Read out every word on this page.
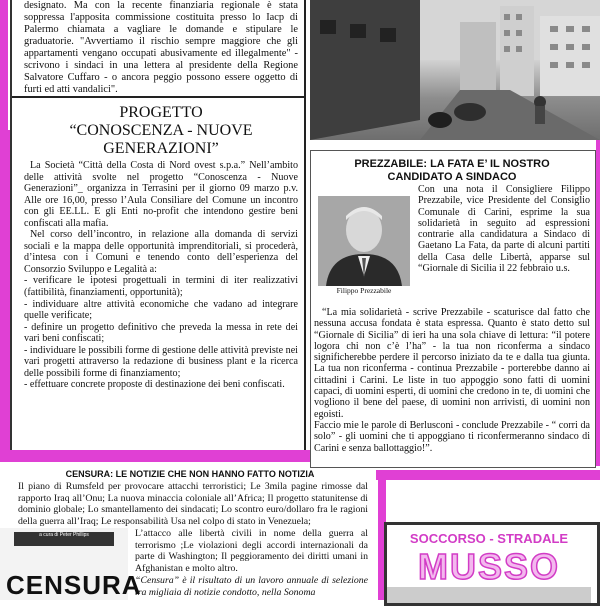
designato. Ma con la recente finanziaria regionale è stata soppressa l'apposita commissione costituita presso lo Iacp di Palermo chiamata a vagliare le domande e stipulare le graduatorie. "Avvertiamo il rischio sempre maggiore che gli appartamenti vengano occupati abusivamente ed illegalmente" - scrivono i sindaci in una lettera al presidente della Regione Salvatore Cuffaro - o ancora peggio possono essere oggetto di furti ed atti vandalici".
PROGETTO
“CONOSCENZA - NUOVE
GENERAZIONI”

La Società “Città della Costa di Nord ovest s.p.a.” Nell’ambito delle attività svolte nel progetto “Conoscenza - Nuove Generazioni”_ organizza in Terrasini per il giorno 09 marzo p.v. Alle ore 16,00, presso l’Aula Consiliare del Comune un incontro con gli EE.LL. E gli Enti no-profit che intendono gestire beni confiscati alla mafia.

Nel corso dell’incontro, in relazione alla domanda di servizi sociali e la mappa delle opportunità imprenditoriali, si procederà, d’intesa con i Comuni e tenendo conto dell’esperienza del Consorzio Sviluppo e Legalità a:

- verificare le ipotesi progettuali in termini di iter realizzativi (fattibilità, finanziamenti, opportunità);

- individuare altre attività economiche che vadano ad integrare quelle verificate;

- definire un progetto definitivo che preveda la messa in rete dei vari beni confiscati;

- individuare le possibili forme di gestione delle attività previste nei vari progetti attraverso la redazione di business plant e la ricerca delle possibili forme di finanziamento;

- effettuare concrete proposte di destinazione dei beni confiscati.

PREZZABILE: LA FATA E’ IL NOSTRO
CANDIDATO A SINDACO
Filippo Prezzabile
Con una nota il Consigliere Filippo Prezzabile, vice Presidente del Consiglio Comunale di Carini, esprime la sua solidarietà in seguito ad espressioni contrarie alla candidatura a Sindaco di Gaetano La Fata, da parte di alcuni partiti della Casa delle Libertà, apparse sul “Giornale di Sicilia il 22 febbraio u.s.

“La mia solidarietà - scrive Prezzabile - scaturisce dal fatto che nessuna accusa fondata è stata espressa. Quanto è stato detto sul “Giornale di Sicilia” di ieri ha una sola chiave di lettura: “il potere logora chi non c’è l’ha” - la tua non riconferma a sindaco significherebbe perdere il percorso iniziato da te e dalla tua giunta. La tua non riconferma - continua Prezzabile - porterebbe danno ai cittadini i Carini. Le liste in tuo appoggio sono fatti di uomini capaci, di uomini esperti, di uomini che credono in te, di uomini che vogliono il bene del paese, di uomini non arrivisti, di uomini non egoisti.

Faccio mie le parole di Berlusconi - conclude Prezzabile - “ corri da solo” - gli uomini che ti appoggiano ti riconfermeranno sindaco di Carini e senza ballottaggio!”.

CENSURA: LE NOTIZIE CHE NON HANNO FATTO NOTIZIA
Il piano di Rumsfeld per provocare attacchi terroristici; Le 3mila pagine rimosse dal rapporto Iraq all’Onu; La nuova minaccia coloniale all’Africa; Il progetto statunitense di dominio globale; Lo smantellamento dei sindacati; Lo scontro euro/dollaro fra le ragioni della guerra all’Iraq; Le responsabilità Usa nel colpo di stato in Venezuela;
a cura di Peter Phillips
CENSURA
L’attacco alle libertà civili in nome della guerra al terrorismo ;Le violazioni degli accordi internazionali da parte di Washington; Il peggioramento dei diritti umani in Afghanistan e molto altro.
“Censura” è il risultato di un lavoro annuale di selezione tra migliaia di notizie condotto, nella Sonoma
SOCCORSO - STRADALE
MUSSO
